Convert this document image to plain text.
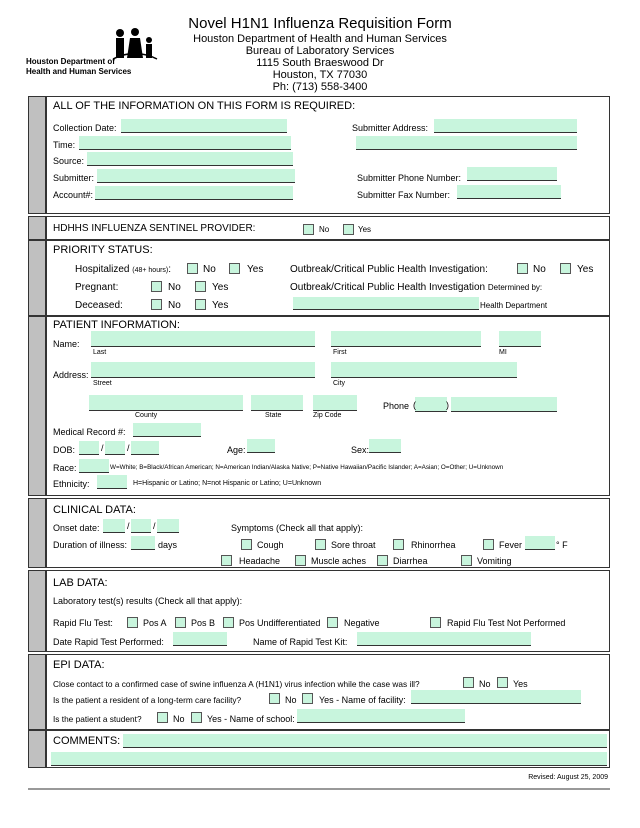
Novel H1N1 Influenza Requisition Form
Houston Department of Health and Human Services
Bureau of Laboratory Services
1115 South Braeswood Dr
Houston, TX 77030
Ph: (713) 558-3400
Houston Department of
Health and Human Services
ALL OF THE INFORMATION ON THIS FORM IS REQUIRED:
Collection Date:
Time:
Source:
Submitter:
Account#:
Submitter Address:
Submitter Phone Number:
Submitter Fax Number:
HDHHS INFLUENZA SENTINEL PROVIDER:	No	Yes
PRIORITY STATUS:
Hospitalized (48+ hours):	No	Yes
Pregnant:	No	Yes
Deceased:	No	Yes
Outbreak/Critical Public Health Investigation:	No	Yes
Outbreak/Critical Public Health Investigation Determined by:
Health Department
PATIENT INFORMATION:
Name:
Last	First	MI
Address:
Street	City
County	State	Zip Code
Phone (	)
Medical Record #:
DOB:	/	/	Age:	Sex:
Race:	W=White; B=Black/African American; N=American Indian/Alaska Native; P=Native Hawaiian/Pacific Islander; A=Asian; O=Other; U=Unknown
Ethnicity:	H=Hispanic or Latino; N=not Hispanic or Latino; U=Unknown
CLINICAL DATA:
Onset date:	/	/
Duration of illness:	days
Symptoms (Check all that apply):
Cough	Sore throat	Rhinorrhea	Fever	° F
Headache	Muscle aches	Diarrhea	Vomiting
LAB DATA:
Laboratory test(s) results (Check all that apply):
Rapid Flu Test:	Pos A	Pos B	Pos Undifferentiated	Negative	Rapid Flu Test Not Performed
Date Rapid Test Performed:	Name of Rapid Test Kit:
EPI DATA:
Close contact to a confirmed case of swine influenza A (H1N1) virus infection while the case was ill?	No Yes
Is the patient a resident of a long-term care facility?	No Yes - Name of facility:
Is the patient a student?	No Yes - Name of school:
COMMENTS:
Revised: August 25, 2009
